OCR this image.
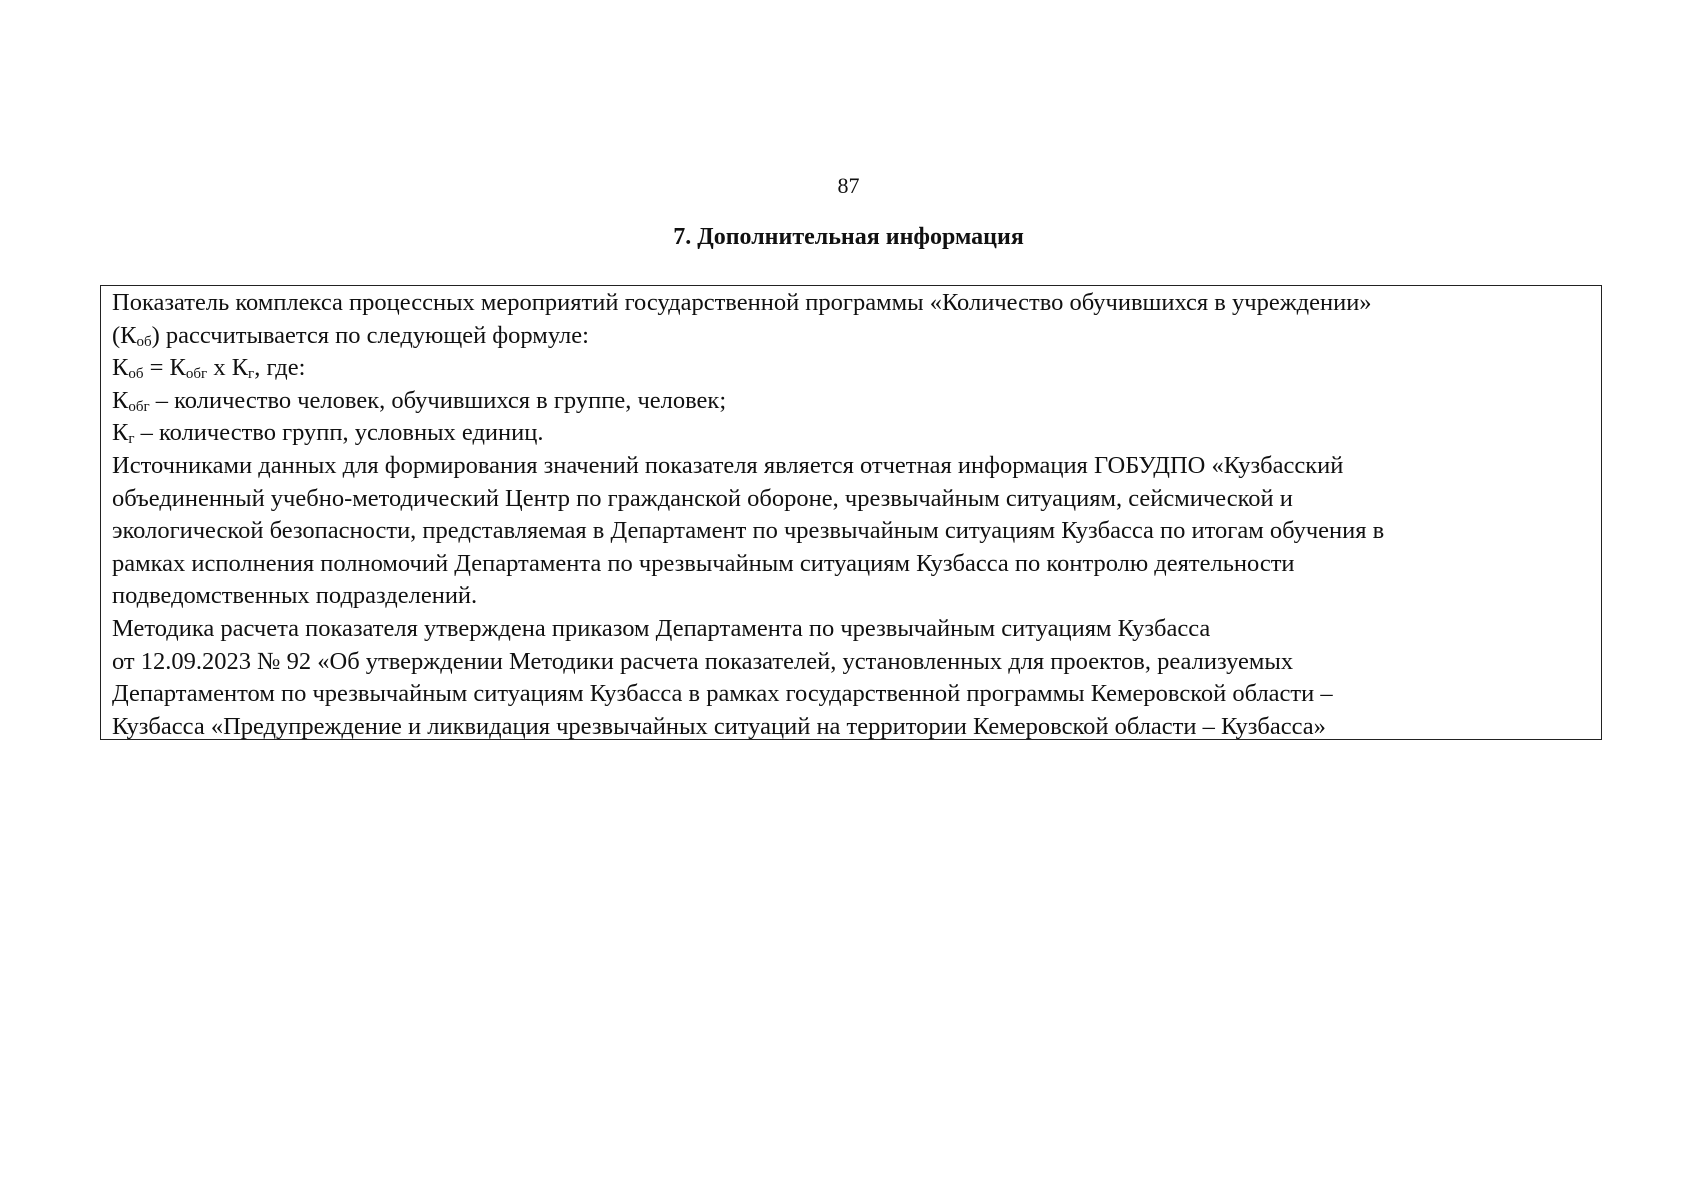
87
7. Дополнительная информация
Показатель комплекса процессных мероприятий государственной программы «Количество обучившихся в учреждении»
$(К_{об})$ рассчитывается по следующей формуле:
$К_{об} = К_{обг}$ х $К_г$, где:
$К_{обг}$ – количество человек, обучившихся в группе, человек;
$К_г$ – количество групп, условных единиц.
Источниками данных для формирования значений показателя является отчетная информация ГОБУДПО «Кузбасский
объединенный учебно-методический Центр по гражданской обороне, чрезвычайным ситуациям, сейсмической и
экологической безопасности, представляемая в Департамент по чрезвычайным ситуациям Кузбасса по итогам обучения в
рамках исполнения полномочий Департамента по чрезвычайным ситуациям Кузбасса по контролю деятельности
подведомственных подразделений.
Методика расчета показателя утверждена приказом Департамента по чрезвычайным ситуациям Кузбасса
от 12.09.2023 № 92 «Об утверждении Методики расчета показателей, установленных для проектов, реализуемых
Департаментом по чрезвычайным ситуациям Кузбасса в рамках государственной программы Кемеровской области –
Кузбасса «Предупреждение и ликвидация чрезвычайных ситуаций на территории Кемеровской области – Кузбасса»
